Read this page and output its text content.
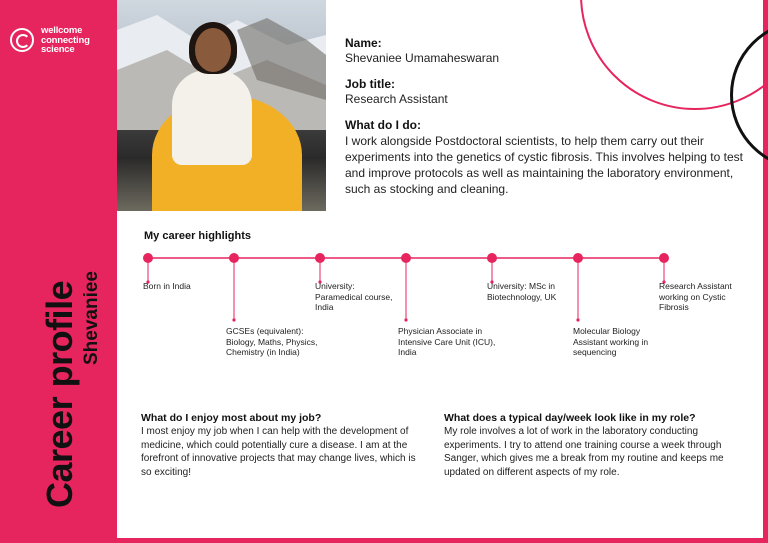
wellcome
connecting
science
Career profile Shevaniee
Name:
Shevaniee Umamaheswaran
Job title:
Research Assistant
What do I do:
I work alongside Postdoctoral scientists, to help them carry out their experiments into the genetics of cystic fibrosis. This involves helping to test and improve protocols as well as maintaining the laboratory environment, such as stocking and cleaning.
My career highlights
Born in India
GCSEs (equivalent): Biology, Maths, Physics, Chemistry (in India)
University: Paramedical course, India
Physician Associate in Intensive Care Unit (ICU), India
University: MSc in Biotechnology, UK
Molecular Biology Assistant working in sequencing
Research Assistant working on Cystic Fibrosis
What do I enjoy most about my job?
I most enjoy my job when I can help with the development of medicine, which could potentially cure a disease. I am at the forefront of innovative projects that may change lives, which is so exciting!
What does a typical day/week look like in my role?
My role involves a lot of work in the laboratory conducting experiments. I try to attend one training course a week through Sanger, which gives me a break from my routine and keeps me updated on different aspects of my role.
